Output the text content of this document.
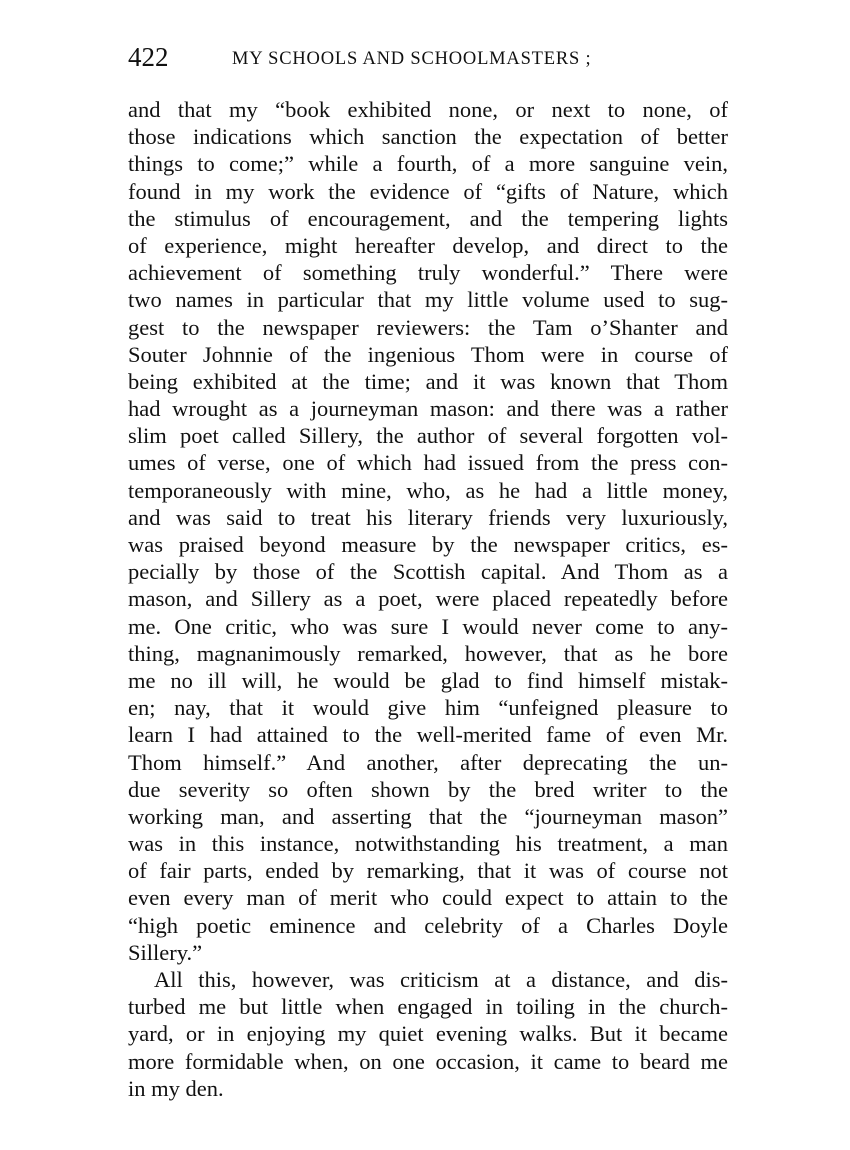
422	MY SCHOOLS AND SCHOOLMASTERS ;
and that my “book exhibited none, or next to none, of
those indications which sanction the expectation of better
things to come;” while a fourth, of a more sanguine vein,
found in my work the evidence of “gifts of Nature, which
the stimulus of encouragement, and the tempering lights
of experience, might hereafter develop, and direct to the
achievement of something truly wonderful.” There were
two names in particular that my little volume used to sug-
gest to the newspaper reviewers: the Tam o’Shanter and
Souter Johnnie of the ingenious Thom were in course of
being exhibited at the time; and it was known that Thom
had wrought as a journeyman mason: and there was a rather
slim poet called Sillery, the author of several forgotten vol-
umes of verse, one of which had issued from the press con-
temporaneously with mine, who, as he had a little money,
and was said to treat his literary friends very luxuriously,
was praised beyond measure by the newspaper critics, es-
pecially by those of the Scottish capital. And Thom as a
mason, and Sillery as a poet, were placed repeatedly before
me. One critic, who was sure I would never come to any-
thing, magnanimously remarked, however, that as he bore
me no ill will, he would be glad to find himself mistak-
en; nay, that it would give him “unfeigned pleasure to
learn I had attained to the well-merited fame of even Mr.
Thom himself.” And another, after deprecating the un-
due severity so often shown by the bred writer to the
working man, and asserting that the “journeyman mason”
was in this instance, notwithstanding his treatment, a man
of fair parts, ended by remarking, that it was of course not
even every man of merit who could expect to attain to the
“high poetic eminence and celebrity of a Charles Doyle
Sillery.”
All this, however, was criticism at a distance, and dis-
turbed me but little when engaged in toiling in the church-
yard, or in enjoying my quiet evening walks. But it became
more formidable when, on one occasion, it came to beard me
in my den.
